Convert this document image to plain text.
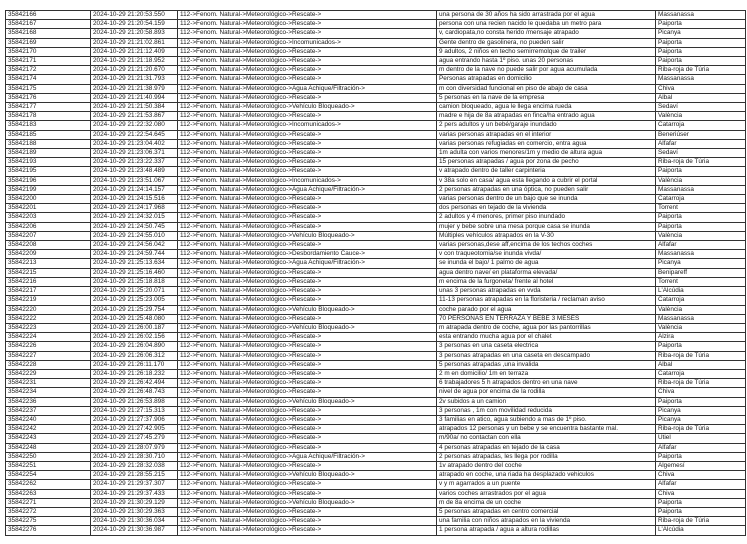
35842166	2024-10-29 21:20:53.550	112->Fenom. Natural->Meteorológico->Rescate->	una persona de 30 años ha sido arrastrada por el agua	Massanassa
35842167	2024-10-29 21:20:54.159	112->Fenom. Natural->Meteorológico->Rescate->	persona con una recien nacido le quedaba un metro para	Paiporta
35842168	2024-10-29 21:20:58.893	112->Fenom. Natural->Meteorológico->Rescate->	v, cardiopata,no consta herido /mensaje atrapado	Picanya
35842169	2024-10-29 21:21:02.861	112->Fenom. Natural->Meteorológico->Incomunicados->	Gente dentro de gasolinera, no pueden salir	Paiporta
35842170	2024-10-29 21:21:12.409	112->Fenom. Natural->Meteorológico->Rescate->	9 adultos, 2 niños en techo semirremolque de trailer	Paiporta
35842171	2024-10-29 21:21:18.952	112->Fenom. Natural->Meteorológico->Rescate->	agua entrando hasta 1º piso. unas 20 personas	Paiporta
35842172	2024-10-29 21:21:20.670	112->Fenom. Natural->Meteorológico->Rescate->	m dentro de la nave no puede salir por agua acumulada	Riba-roja de Túria
35842174	2024-10-29 21:21:31.793	112->Fenom. Natural->Meteorológico->Rescate->	Personas atrapadas en domicilio	Massanassa
35842175	2024-10-29 21:21:38.979	112->Fenom. Natural->Meteorológico->Agua Achique/Filtración->	m con diversidad funcional en piso de abajo de casa	Chiva
35842176	2024-10-29 21:21:40.994	112->Fenom. Natural->Meteorológico->Rescate->	5 personas en la nave de la empresa	Albal
35842177	2024-10-29 21:21:50.384	112->Fenom. Natural->Meteorológico->Vehículo Bloqueado->	camion bloqueado, agua le llega encima rueda	Sedaví
35842178	2024-10-29 21:21:53.867	112->Fenom. Natural->Meteorológico->Rescate->	madre e hija de 8a atrapadas en finca/ha entrado agua	València
35842183	2024-10-29 21:22:32.080	112->Fenom. Natural->Meteorológico->Incomunicados->	2 pers adultos y un bebé/garaje inundado	Catarroja
35842185	2024-10-29 21:22:54.645	112->Fenom. Natural->Meteorológico->Rescate->	varias personas atrapadas en el interior	Beneriúser
35842188	2024-10-29 21:23:04.402	112->Fenom. Natural->Meteorológico->Rescate->	varias personas refugiadas en comercio, entra agua	Alfafar
35842189	2024-10-29 21:23:06.371	112->Fenom. Natural->Meteorológico->Rescate->	1m adulta con varios menores/1m y medio de altura agua	Sedaví
35842193	2024-10-29 21:23:22.337	112->Fenom. Natural->Meteorológico->Rescate->	15 personas atrapadas / agua por zona de pecho	Riba-roja de Túria
35842195	2024-10-29 21:23:48.489	112->Fenom. Natural->Meteorológico->Rescate->	v atrapado dentro de taller carpinteria	Paiporta
35842196	2024-10-29 21:23:51.067	112->Fenom. Natural->Meteorológico->Incomunicados->	v 38a solo en casa/ agua esta llegando a cubrir el portal	València
35842199	2024-10-29 21:24:14.157	112->Fenom. Natural->Meteorológico->Agua Achique/Filtración->	2 personas atrapadas en una óptica, no pueden salir	Massanassa
35842200	2024-10-29 21:24:15.516	112->Fenom. Natural->Meteorológico->Rescate->	varias personas dentro de un bajo que se inunda	Catarroja
35842201	2024-10-29 21:24:17.968	112->Fenom. Natural->Meteorológico->Rescate->	dos personas en tejado de la vivienda	Torrent
35842203	2024-10-29 21:24:32.015	112->Fenom. Natural->Meteorológico->Rescate->	2 adultos y 4 menores, primer piso inundado	Paiporta
35842206	2024-10-29 21:24:50.745	112->Fenom. Natural->Meteorológico->Rescate->	mujer y bebe sobre una mesa porque casa se inunda	Paiporta
35842207	2024-10-29 21:24:55.010	112->Fenom. Natural->Meteorológico->Vehículo Bloqueado->	Múltiples vehículos atrapados en la V-30	València
35842208	2024-10-29 21:24:56.042	112->Fenom. Natural->Meteorológico->Rescate->	varias personas,dese aff,encima de los techos coches	Alfafar
35842209	2024-10-29 21:24:59.744	112->Fenom. Natural->Meteorológico->Desbordamiento Cauce->	v con traqueotomia/se inunda vivda/	Massanassa
35842213	2024-10-29 21:25:13.634	112->Fenom. Natural->Meteorológico->Agua Achique/Filtración->	se inunda el bajo/ 1 palmo de agua	Picanya
35842215	2024-10-29 21:25:16.460	112->Fenom. Natural->Meteorológico->Rescate->	agua dentro nave/ en plataforma elevada/	Benipareff
35842216	2024-10-29 21:25:18.818	112->Fenom. Natural->Meteorológico->Rescate->	m encima de la furgoneta/ frente al hotel	Torrent
35842217	2024-10-29 21:25:20.071	112->Fenom. Natural->Meteorológico->Rescate->	unas 3 personas atrapadas en vvda	L'Alcúdia
35842219	2024-10-29 21:25:23.005	112->Fenom. Natural->Meteorológico->Rescate->	11-13 personas atrapadas en la floristeria / reclaman aviso	Catarroja
35842220	2024-10-29 21:25:29.754	112->Fenom. Natural->Meteorológico->Vehículo Bloqueado->	coche parado por el agua	València
35842222	2024-10-29 21:25:48.080	112->Fenom. Natural->Meteorológico->Rescate->	70 PERSONAS EN TERRAZA Y BEBE 3 MESES	Massanassa
35842223	2024-10-29 21:26:00.187	112->Fenom. Natural->Meteorológico->Vehículo Bloqueado->	m atrapada dentro de coche, agua por las pantorrillas	València
35842224	2024-10-29 21:26:02.156	112->Fenom. Natural->Meteorológico->Rescate->	esta entrando mucha agua por el chalet	Alzira
35842226	2024-10-29 21:26:04.890	112->Fenom. Natural->Meteorológico->Rescate->	3 personas en una caseta electrica	Paiporta
35842227	2024-10-29 21:26:06.312	112->Fenom. Natural->Meteorológico->Rescate->	3 personas atrapadas en una caseta en descampado	Riba-roja de Túria
35842228	2024-10-29 21:26:11.170	112->Fenom. Natural->Meteorológico->Rescate->	5 personas atrapadas ,una invalida	Albal
35842229	2024-10-29 21:26:18.232	112->Fenom. Natural->Meteorológico->Rescate->	2 m en domicilio/ 1m en terraza	Catarroja
35842231	2024-10-29 21:26:42.494	112->Fenom. Natural->Meteorológico->Rescate->	6 trabajadores 5 h atrapados dentro en una nave	Riba-roja de Túria
35842234	2024-10-29 21:26:48.743	112->Fenom. Natural->Meteorológico->Rescate->	nivel de agua por encima de la rodilla	Chiva
35842236	2024-10-29 21:26:53.898	112->Fenom. Natural->Meteorológico->Vehículo Bloqueado->	2v subidos a un camion	Paiporta
35842237	2024-10-29 21:27:15.313	112->Fenom. Natural->Meteorológico->Rescate->	3 personas , 1m con movilidad reducida	Picanya
35842240	2024-10-29 21:27:37.906	112->Fenom. Natural->Meteorológico->Rescate->	3 familias en atico, agua subiendo a mas de 1º piso.	Picanya
35842242	2024-10-29 21:27:42.905	112->Fenom. Natural->Meteorológico->Rescate->	atrapados 12 personas y un bebe y se encuentra bastante mal.	Riba-roja de Túria
35842243	2024-10-29 21:27:45.279	112->Fenom. Natural->Meteorológico->Rescate->	m/90a/ no contactan con ella	Utiel
35842248	2024-10-29 21:28:07.979	112->Fenom. Natural->Meteorológico->Rescate->	4 personas atrapadas en tejado de la casa	Alfafar
35842250	2024-10-29 21:28:30.710	112->Fenom. Natural->Meteorológico->Agua Achique/Filtración->	2 personas atrapadas, les llega por rodilla	Paiporta
35842251	2024-10-29 21:28:32.038	112->Fenom. Natural->Meteorológico->Rescate->	1v atrapado dentro del coche	Algemesí
35842254	2024-10-29 21:28:55.215	112->Fenom. Natural->Meteorológico->Vehículo Bloqueado->	atrapado en coche, una riada ha desplazado vehiculos	Chiva
35842262	2024-10-29 21:29:37.307	112->Fenom. Natural->Meteorológico->Rescate->	v y m agarrados a un puente	Alfafar
35842263	2024-10-29 21:29:37.433	112->Fenom. Natural->Meteorológico->Rescate->	varios coches arrastrados por el agua	Chiva
35842271	2024-10-29 21:30:29.129	112->Fenom. Natural->Meteorológico->Vehículo Bloqueado->	m de 8a encima de un coche	Paiporta
35842272	2024-10-29 21:30:29.363	112->Fenom. Natural->Meteorológico->Rescate->	5 personas atrapadas en centro comercial	Paiporta
35842275	2024-10-29 21:30:36.034	112->Fenom. Natural->Meteorológico->Rescate->	una familia con niños atrapados en la vivienda	Riba-roja de Túria
35842276	2024-10-29 21:30:36.987	112->Fenom. Natural->Meteorológico->Rescate->	1 persona atrapada / agua a altura rodillas	L'Alcúdia
